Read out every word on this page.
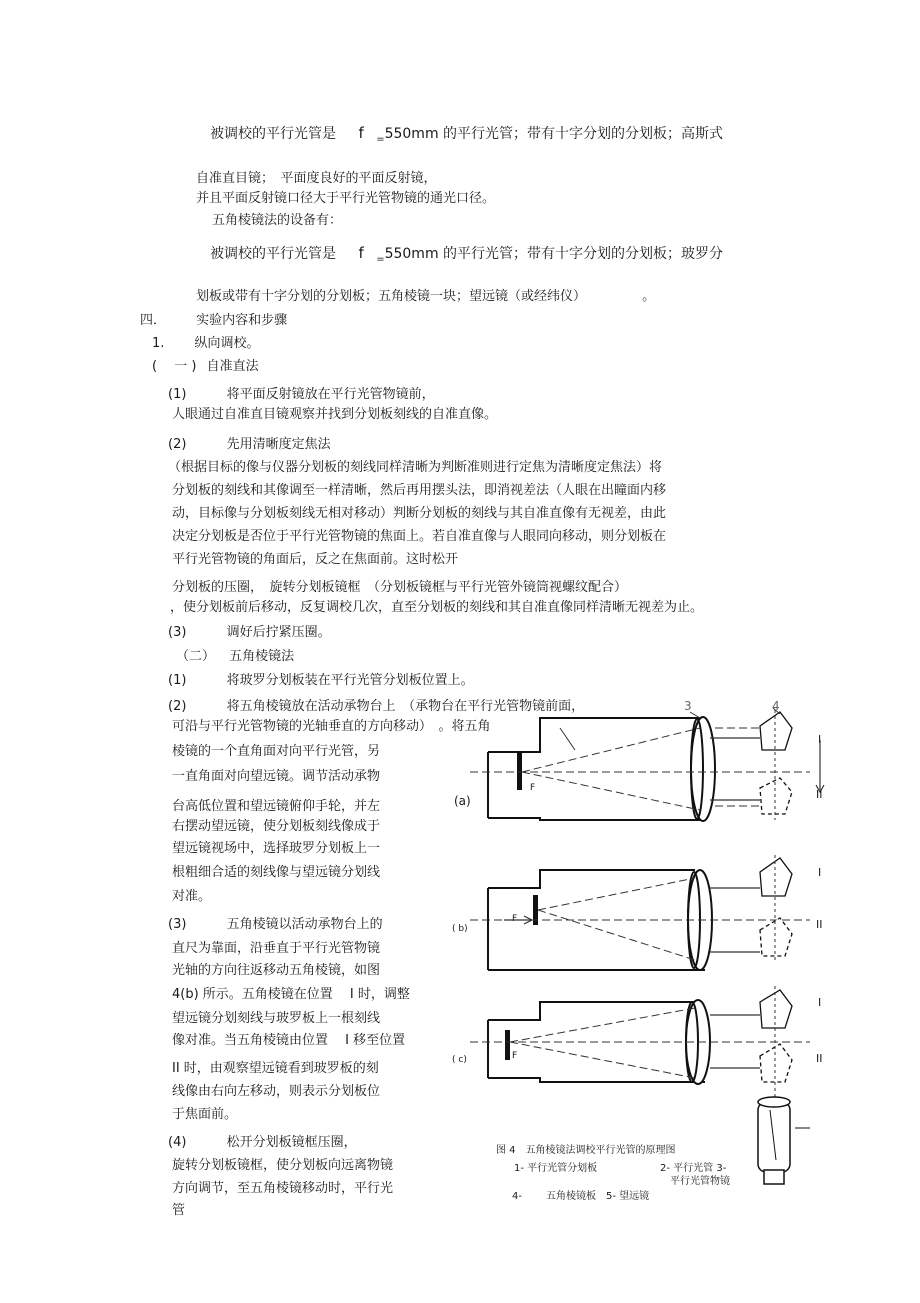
被调校的平行光管是 f $_=$550mm 的平行光管；带有十字分划的分划板；高斯式
自准直目镜；　平面度良好的平面反射镜，
并且平面反射镜口径大于平行光管物镜的通光口径。
五角棱镜法的设备有：
被调校的平行光管是 f $_=$550mm 的平行光管；带有十字分划的分划板；玻罗分
划板或带有十字分划的分划板；五角棱镜一块；望远镜（或经纬仪）	。
四． 实验内容和步骤
1. 纵向调校。
( 　一 ) 自准直法
(1)	将平面反射镜放在平行光管物镜前，
人眼通过自准直目镜观察并找到分划板刻线的自准直像。
(2)	先用清晰度定焦法
（根据目标的像与仪器分划板的刻线同样清晰为判断准则进行定焦为清晰度定焦法）将
分划板的刻线和其像调至一样清晰，然后再用摆头法，即消视差法（人眼在出瞳面内移
动，目标像与分划板刻线无相对移动）判断分划板的刻线与其自准直像有无视差，由此
决定分划板是否位于平行光管物镜的焦面上。若自准直像与人眼同向移动，则分划板在
平行光管物镜的角面后，反之在焦面前。这时松开
分划板的压圈，　旋转分划板镜框　（分划板镜框与平行光管外镜筒视螺纹配合）
，使分划板前后移动，反复调校几次，直至分划板的刻线和其自准直像同样清晰无视差为止。
(3)	调好后拧紧压圈。
（二） 五角棱镜法
(1)	将玻罗分划板装在平行光管分划板位置上。
(2)	将五角棱镜放在活动承物台上　（承物台在平行光管物镜前面，
可沿与平行光管物镜的光轴垂直的方向移动）　。将五角
棱镜的一个直角面对向平行光管，另
一直角面对向望远镜。调节活动承物
台高低位置和望远镜俯仰手轮，并左
右摆动望远镜，使分划板刻线像成于
望远镜视场中，选择玻罗分划板上一
根粗细合适的刻线像与望远镜分划线
对准。
(3)	五角棱镜以活动承物台上的
直尺为靠面，沿垂直于平行光管物镜
光轴的方向往返移动五角棱镜，如图
4(b) 所示。五角棱镜在位置　 I 时，调整
望远镜分划刻线与玻罗板上一根刻线
像对准。当五角棱镜由位置　 I 移至位置
II 时，由观察望远镜看到玻罗板的刻
线像由右向左移动，则表示分划板位
于焦面前。
(4)	松开分划板镜框压圈，
旋转分划板镜框，使分划板向远离物镜
方向调节，至五角棱镜移动时，平行光
管
(a)
( b)
( c)
3	4
F
F
F
I
II
I
II
I
II
图 4　五角棱镜法调校平行光管的原理图
1- 平行光管分划板	2- 平行光管 3-
平行光管物镜
4- 五角棱镜板　5- 望远镜
